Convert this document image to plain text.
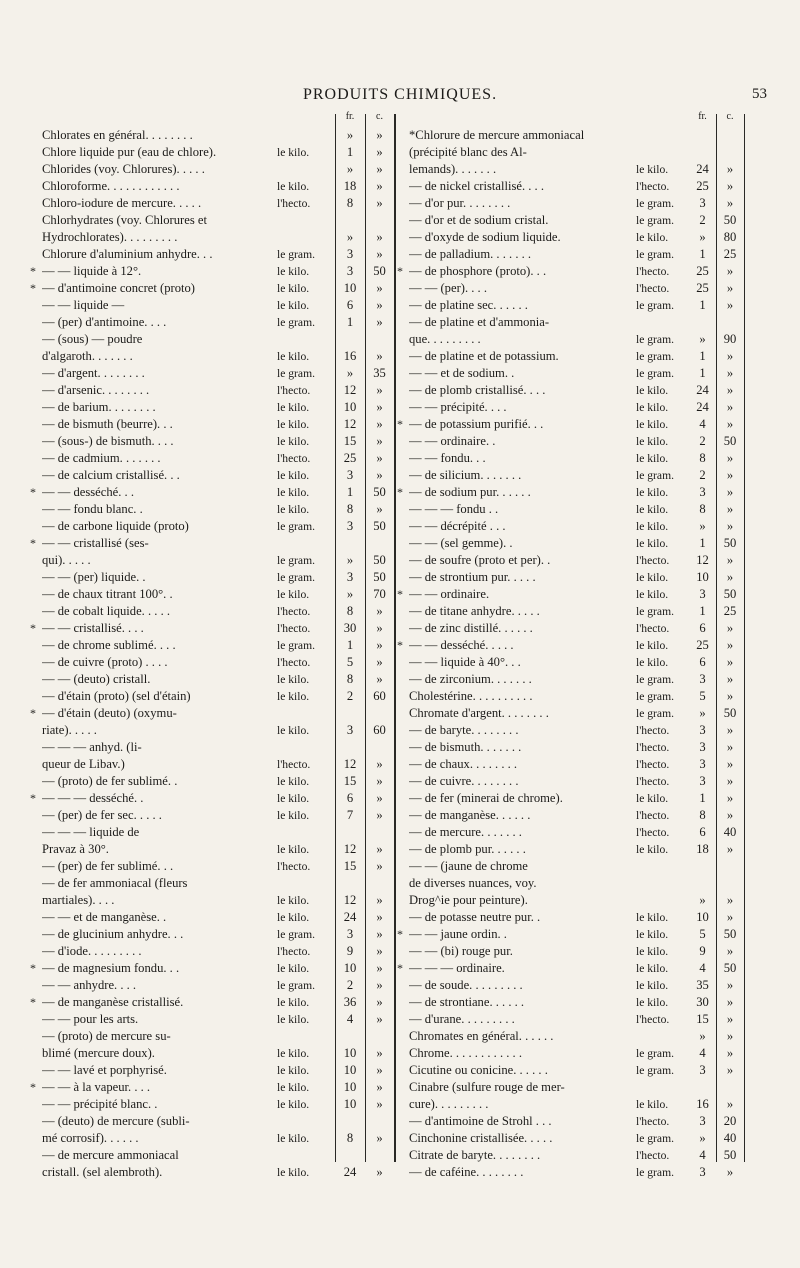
PRODUITS CHIMIQUES.	53
fr.	c.	fr.	c.
Chlorates en général. . . . . . . .	»	»
Chlore liquide pur (eau de chlore).	le kilo.	1	»
Chlorides (voy. Chlorures). . . . .	»	»
Chloroforme. . . . . . . . . . . .	le kilo.	18	»
Chloro-iodure de mercure. . . . .	l'hecto.	8	»
Chlorhydrates (voy. Chlorures et
Hydrochlorates). . . . . . . . .	»	»
Chlorure d'aluminium anhydre. . .	le gram.	3	»
* — — liquide à 12°.	le kilo.	3	50
* — d'antimoine concret (proto)	le kilo.	10	»
— — liquide —	le kilo.	6	»
— (per) d'antimoine. . . .	le gram.	1	»
— (sous) — poudre
d'algaroth. . . . . . .	le kilo.	16	»
— d'argent. . . . . . . .	le gram.	»	35
— d'arsenic. . . . . . . .	l'hecto.	12	»
— de barium. . . . . . . .	le kilo.	10	»
— de bismuth (beurre). . .	le kilo.	12	»
— (sous-) de bismuth. . . .	le kilo.	15	»
— de cadmium. . . . . . .	l'hecto.	25	»
— de calcium cristallisé. . .	le kilo.	3	»
* — — desséché. . .	le kilo.	1	50
— — fondu blanc. .	le kilo.	8	»
— de carbone liquide (proto)	le gram.	3	50
* — — cristallisé (ses-
qui). . . . .	le gram.	»	50
— — (per) liquide. .	le gram.	3	50
— de chaux titrant 100°. .	le kilo.	»	70
— de cobalt liquide. . . . .	l'hecto.	8	»
* — — cristallisé. . . .	l'hecto.	30	»
— de chrome sublimé. . . .	le gram.	1	»
— de cuivre (proto) . . . .	l'hecto.	5	»
— — (deuto) cristall.	le kilo.	8	»
— d'étain (proto) (sel d'étain)	le kilo.	2	60
* — d'étain (deuto) (oxymu-
riate). . . . .	le kilo.	3	60
— — — anhyd. (li-
queur de Libav.)	l'hecto.	12	»
— (proto) de fer sublimé. .	le kilo.	15	»
* — — — desséché. .	le kilo.	6	»
— (per) de fer sec. . . . .	le kilo.	7	»
— — — liquide de
Pravaz à 30°.	le kilo.	12	»
— (per) de fer sublimé. . .	l'hecto.	15	»
— de fer ammoniacal (fleurs
martiales). . . .	le kilo.	12	»
— — et de manganèse. .	le kilo.	24	»
— de glucinium anhydre. . .	le gram.	3	»
— d'iode. . . . . . . . .	l'hecto.	9	»
* — de magnesium fondu. . .	le kilo.	10	»
— — anhydre. . . .	le gram.	2	»
* — de manganèse cristallisé.	le kilo.	36	»
— — pour les arts.	le kilo.	4	»
— (proto) de mercure su-
blimé (mercure doux).	le kilo.	10	»
— — lavé et porphyrisé.	le kilo.	10	»
* — — à la vapeur. . . .	le kilo.	10	»
— — précipité blanc. .	le kilo.	10	»
— (deuto) de mercure (subli-
mé corrosif). . . . . .	le kilo.	8	»
— de mercure ammoniacal
cristall. (sel alembroth).	le kilo.	24	»
*Chlorure de mercure ammoniacal
(précipité blanc des Al-
lemands). . . . . . .	le kilo.	24	»
— de nickel cristallisé. . . .	l'hecto.	25	»
— d'or pur. . . . . . . .	le gram.	3	»
— d'or et de sodium cristal.	le gram.	2	50
— d'oxyde de sodium liquide.	le kilo.	»	80
— de palladium. . . . . . .	le gram.	1	25
* — de phosphore (proto). . .	l'hecto.	25	»
— — (per). . . .	l'hecto.	25	»
— de platine sec. . . . . .	le gram.	1	»
— de platine et d'ammonia-
que. . . . . . . . .	le gram.	»	90
— de platine et de potassium.	le gram.	1	»
— — et de sodium. .	le gram.	1	»
— de plomb cristallisé. . . .	le kilo.	24	»
— — précipité. . . .	le kilo.	24	»
* — de potassium purifié. . .	le kilo.	4	»
— — ordinaire. .	le kilo.	2	50
— — fondu. . .	le kilo.	8	»
— de silicium. . . . . . .	le gram.	2	»
* — de sodium pur. . . . . .	le kilo.	3	»
— — — fondu . .	le kilo.	8	»
— — décrépité . . .	le kilo.	»	»
— — (sel gemme). .	le kilo.	1	50
— de soufre (proto et per). .	l'hecto.	12	»
— de strontium pur. . . . .	le kilo.	10	»
* — — ordinaire.	le kilo.	3	50
— de titane anhydre. . . . .	le gram.	1	25
— de zinc distillé. . . . . .	l'hecto.	6	»
* — — desséché. . . . .	le kilo.	25	»
— — liquide à 40°. . .	le kilo.	6	»
— de zirconium. . . . . . .	le gram.	3	»
Cholestérine. . . . . . . . . .	le gram.	5	»
Chromate d'argent. . . . . . . .	le gram.	»	50
— de baryte. . . . . . . .	l'hecto.	3	»
— de bismuth. . . . . . .	l'hecto.	3	»
— de chaux. . . . . . . .	l'hecto.	3	»
— de cuivre. . . . . . . .	l'hecto.	3	»
— de fer (minerai de chrome).	le kilo.	1	»
— de manganèse. . . . . .	l'hecto.	8	»
— de mercure. . . . . . .	l'hecto.	6	40
— de plomb pur. . . . . .	le kilo.	18	»
— — (jaune de chrome
de diverses nuances, voy.
Drog^ie pour peinture).	»	»
— de potasse neutre pur. .	le kilo.	10	»
* — — jaune ordin. .	le kilo.	5	50
— — (bi) rouge pur.	le kilo.	9	»
* — — — ordinaire.	le kilo.	4	50
— de soude. . . . . . . . .	le kilo.	35	»
— de strontiane. . . . . .	le kilo.	30	»
— d'urane. . . . . . . . .	l'hecto.	15	»
Chromates en général. . . . . .	»	»
Chrome. . . . . . . . . . . .	le gram.	4	»
Cicutine ou conicine. . . . . .	le gram.	3	»
Cinabre (sulfure rouge de mer-
cure). . . . . . . . .	le kilo.	16	»
— d'antimoine de Strohl . . .	l'hecto.	3	20
Cinchonine cristallisée. . . . .	le gram.	»	40
Citrate de baryte. . . . . . . .	l'hecto.	4	50
— de caféine. . . . . . . .	le gram.	3	»
